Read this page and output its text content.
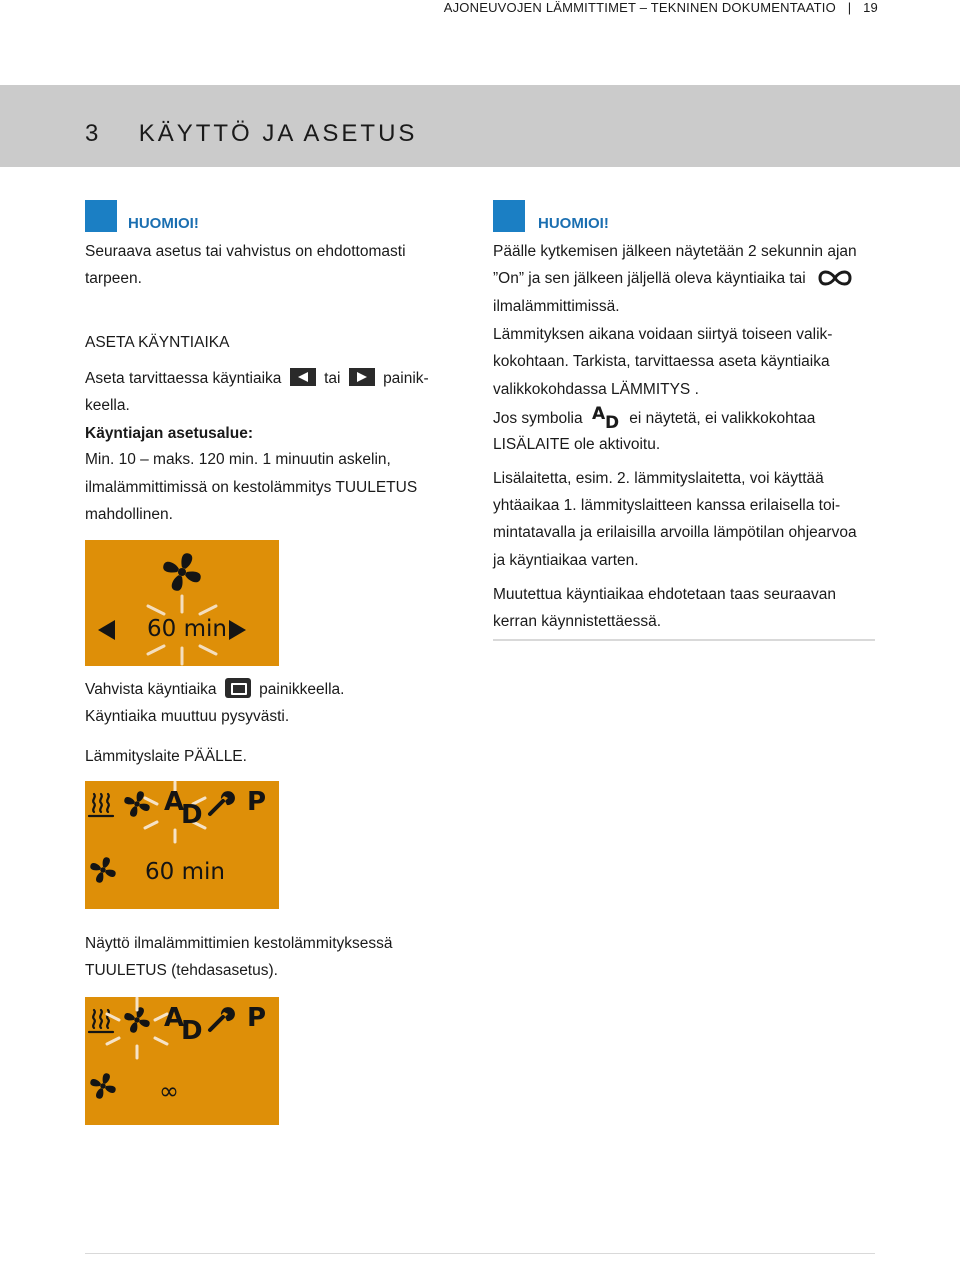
AJONEUVOJEN LÄMMITTIMET – TEKNINEN DOKUMENTAATIO | 19
3 KÄYTTÖ JA ASETUS
HUOMIOI!
Seuraava asetus tai vahvistus on ehdottomasti
tarpeen.
ASETA KÄYNTIAIKA
Aseta tarvittaessa käyntiaika	tai	painik-
keella.
Käyntiajan asetusalue:
Min. 10 – maks. 120 min. 1 minuutin askelin,
ilmalämmittimissä on kestolämmitys TUULETUS
mahdollinen.
60 min
Vahvista käyntiaika	painikkeella.
Käyntiaika muuttuu pysyvästi.
Lämmityslaite PÄÄLLE.
A
D P
60 min
Näyttö ilmalämmittimien kestolämmityksessä
TUULETUS (tehdasasetus).
A
D P
∞
HUOMIOI!
Päälle kytkemisen jälkeen näytetään 2 sekunnin ajan
”On” ja sen jälkeen jäljellä oleva käyntiaika tai
ilmalämmittimissä.
Lämmityksen aikana voidaan siirtyä toiseen valik-
kokohtaan. Tarkista, tarvittaessa aseta käyntiaika
valikkokohdassa LÄMMITYS .
Jos symbolia A D ei näytetä, ei valikkokohtaa
LISÄLAITE ole aktivoitu.
Lisälaitetta, esim. 2. lämmityslaitetta, voi käyttää
yhtäaikaa 1. lämmityslaitteen kanssa erilaisella toi-
mintatavalla ja erilaisilla arvoilla lämpötilan ohjearvoa
ja käyntiaikaa varten.
Muutettua käyntiaikaa ehdotetaan taas seuraavan
kerran käynnistettäessä.
